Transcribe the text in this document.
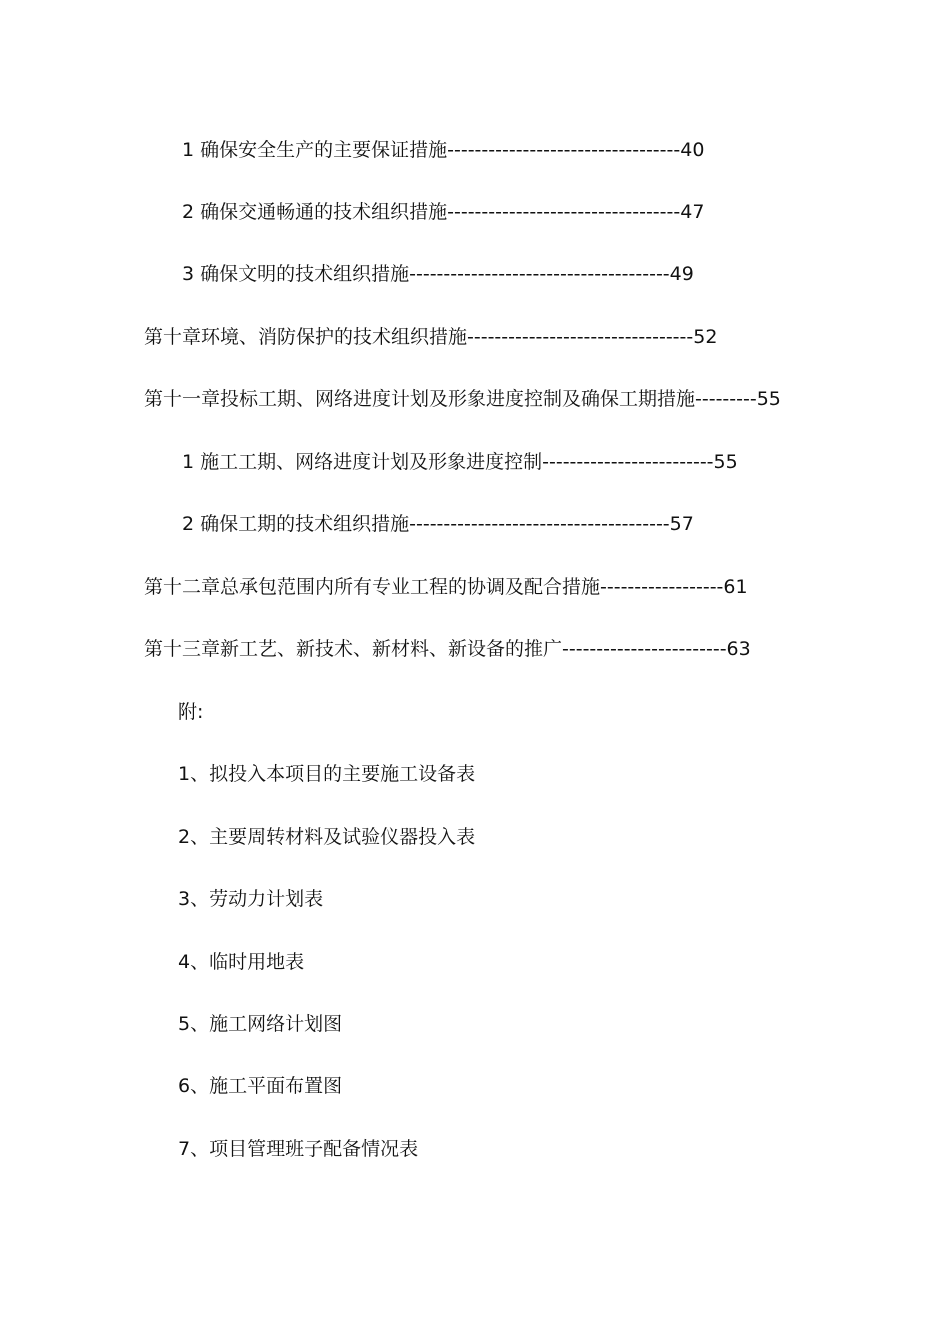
1 确保安全生产的主要保证措施----------------------------------40
2 确保交通畅通的技术组织措施----------------------------------47
3 确保文明的技术组织措施--------------------------------------49
第十章环境、消防保护的技术组织措施---------------------------------52
第十一章投标工期、网络进度计划及形象进度控制及确保工期措施---------55
1 施工工期、网络进度计划及形象进度控制-------------------------55
2 确保工期的技术组织措施--------------------------------------57
第十二章总承包范围内所有专业工程的协调及配合措施------------------61
第十三章新工艺、新技术、新材料、新设备的推广------------------------63
附:
1、拟投入本项目的主要施工设备表
2、主要周转材料及试验仪器投入表
3、劳动力计划表
4、临时用地表
5、施工网络计划图
6、施工平面布置图
7、项目管理班子配备情况表
